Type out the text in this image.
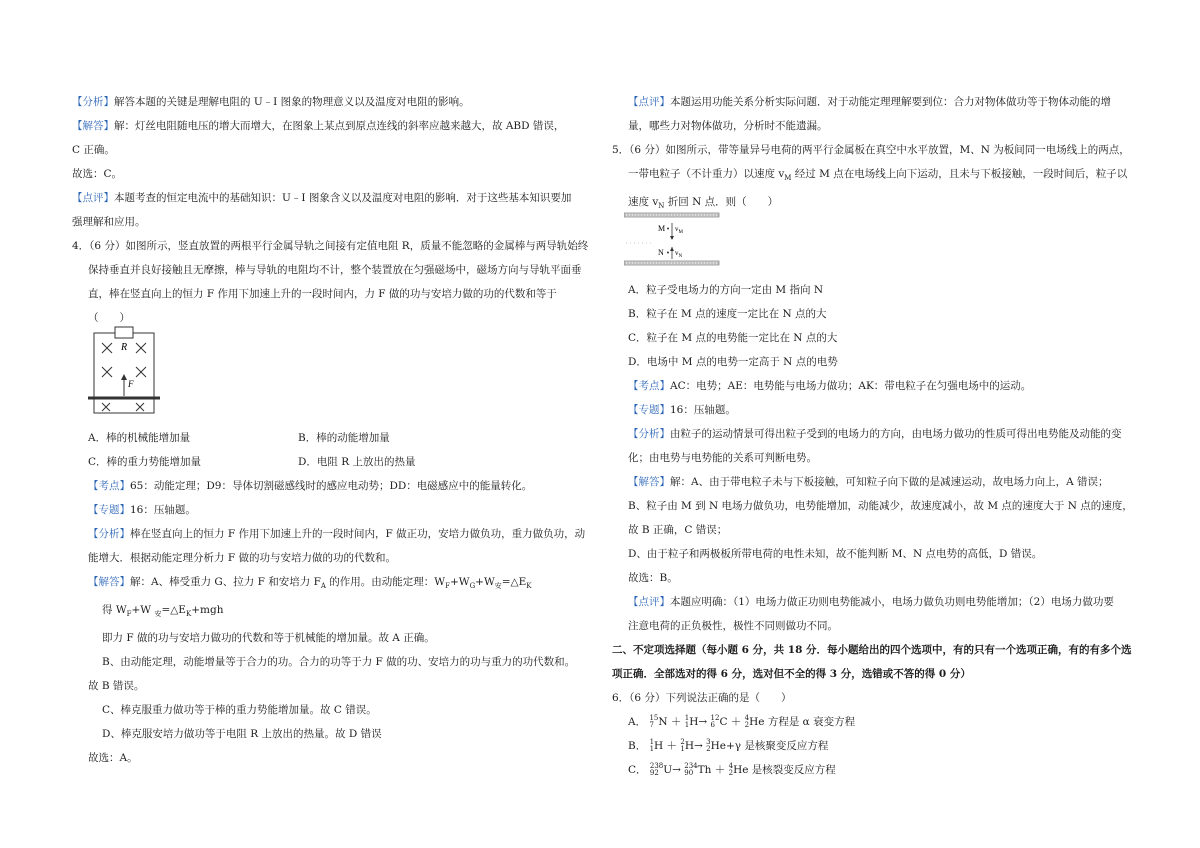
【分析】解答本题的关键是理解电阻的 U﹣I 图象的物理意义以及温度对电阻的影响。
【解答】解：灯丝电阻随电压的增大而增大，在图象上某点到原点连线的斜率应越来越大，故 ABD 错误，
C 正确。
故选：C。
【点评】本题考查的恒定电流中的基础知识：U﹣I 图象含义以及温度对电阻的影响．对于这些基本知识要加
强理解和应用。
4．（6 分）如图所示，竖直放置的两根平行金属导轨之间接有定值电阻 R，质量不能忽略的金属棒与两导轨始终
保持垂直并良好接触且无摩擦，棒与导轨的电阻均不计，整个装置放在匀强磁场中，磁场方向与导轨平面垂
直，棒在竖直向上的恒力 F 作用下加速上升的一段时间内，力 F 做的功与安培力做的功的代数和等于
（　　）
A．棒的机械能增加量	B．棒的动能增加量
C．棒的重力势能增加量	D．电阻 R 上放出的热量
【考点】65：动能定理；D9：导体切割磁感线时的感应电动势；DD：电磁感应中的能量转化。
【专题】16：压轴题。
【分析】棒在竖直向上的恒力 F 作用下加速上升的一段时间内，F 做正功，安培力做负功，重力做负功，动
能增大．根据动能定理分析力 F 做的功与安培力做的功的代数和。
【解答】解：A、棒受重力 G、拉力 F 和安培力 $F_A$ 的作用。由动能定理：$W_F+W_G+W_安=\triangle E_K$
得 $W_F+W$ $_安=\triangle E_K+mgh$
即力 F 做的功与安培力做功的代数和等于机械能的增加量。故 A 正确。
B、由动能定理，动能增量等于合力的功。合力的功等于力 F 做的功、安培力的功与重力的功代数和。
故 B 错误。
C、棒克服重力做功等于棒的重力势能增加量。故 C 错误。
D、棒克服安培力做功等于电阻 R 上放出的热量。故 D 错误
故选：A。
R
F
【点评】本题运用功能关系分析实际问题．对于动能定理理解要到位：合力对物体做功等于物体动能的增
量，哪些力对物体做功，分析时不能遗漏。
5．（6 分）如图所示，带等量异号电荷的两平行金属板在真空中水平放置，M、N 为板间同一电场线上的两点，
一带电粒子（不计重力）以速度 $v_M$ 经过 M 点在电场线上向下运动，且未与下板接触，一段时间后，粒子以
速度 $v_N$ 折回 N 点．则（　　）
A．粒子受电场力的方向一定由 M 指向 N
B．粒子在 M 点的速度一定比在 N 点的大
C．粒子在 M 点的电势能一定比在 N 点的大
D．电场中 M 点的电势一定高于 N 点的电势
【考点】AC：电势；AE：电势能与电场力做功；AK：带电粒子在匀强电场中的运动。
【专题】16：压轴题。
【分析】由粒子的运动情景可得出粒子受到的电场力的方向，由电场力做功的性质可得出电势能及动能的变
化；由电势与电势能的关系可判断电势。
【解答】解：A、由于带电粒子未与下板接触，可知粒子向下做的是减速运动，故电场力向上，A 错误；
B、粒子由 M 到 N 电场力做负功，电势能增加，动能减少，故速度减小，故 M 点的速度大于 N 点的速度，
故 B 正确，C 错误；
D、由于粒子和两极板所带电荷的电性未知，故不能判断 M、N 点电势的高低，D 错误。
故选：B。
【点评】本题应明确：（1）电场力做正功则电势能减小，电场力做负功则电势能增加；（2）电场力做功要
注意电荷的正负极性，极性不同则做功不同。
二、不定项选择题（每小题 6 分，共 18 分．每小题给出的四个选项中，有的只有一个选项正确，有的有多个选
项正确．全部选对的得 6 分，选对但不全的得 3 分，选错或不答的得 0 分）
6．（6 分）下列说法正确的是（　　）
A． 15
7 N ＋ 1
1 H→ 12
6 C ＋ 4
2 He 方程是 α 衰变方程
B． 1
1 H ＋ 2
1 H→ 3
2 He+γ 是核聚变反应方程
C． 238
92 U→ 234
90 Th ＋ 4
2 He 是核裂变反应方程
M $v_M$
N $v_N$
